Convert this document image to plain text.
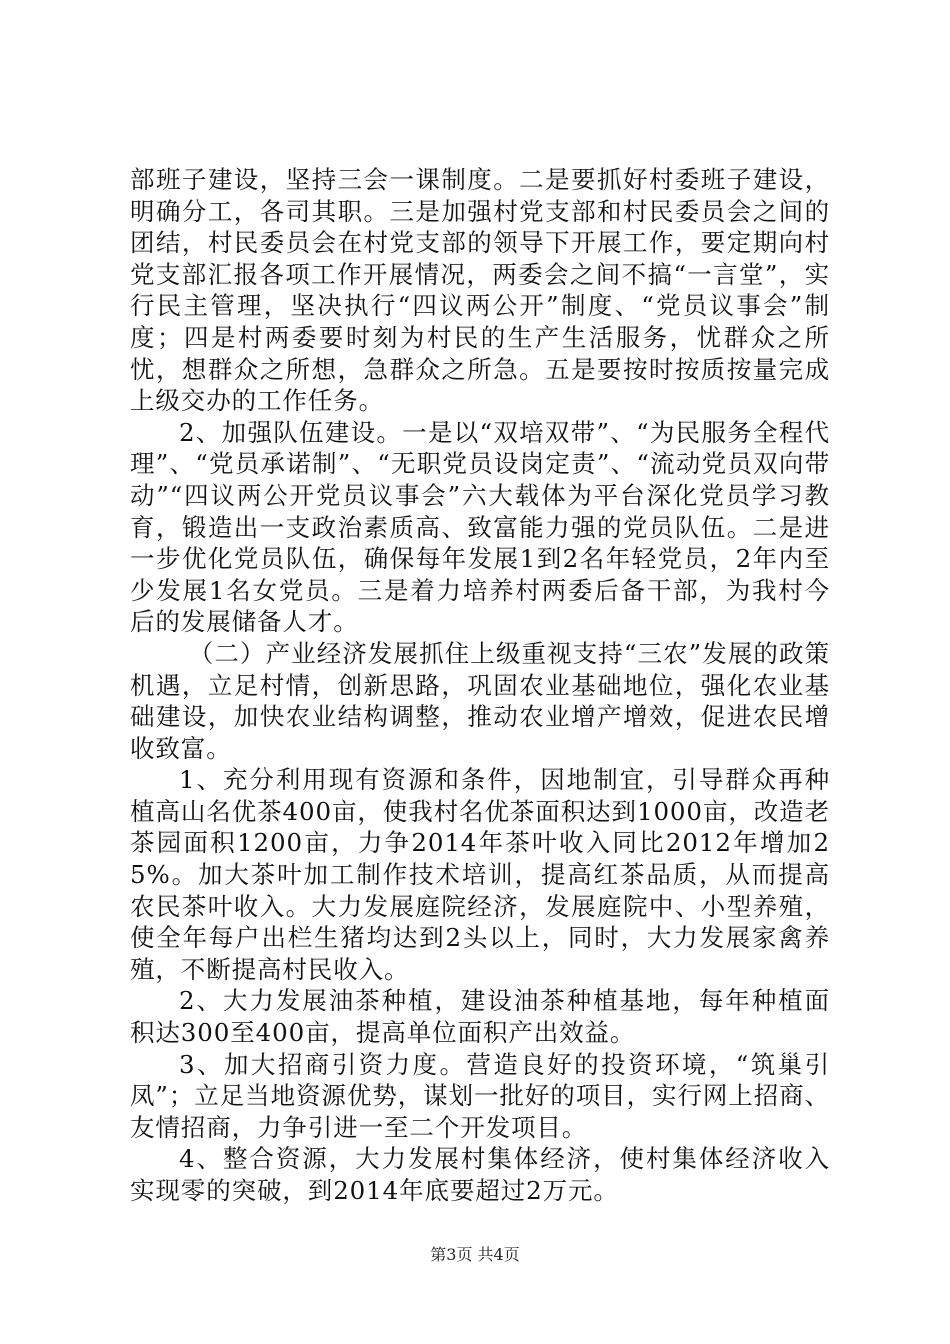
部班子建设，坚持三会一课制度。二是要抓好村委班子建设，明确分工，各司其职。三是加强村党支部和村民委员会之间的团结，村民委员会在村党支部的领导下开展工作，要定期向村党支部汇报各项工作开展情况，两委会之间不搞“一言堂”，实行民主管理，坚决执行“四议两公开”制度、“党员议事会”制度；四是村两委要时刻为村民的生产生活服务，忧群众之所忧，想群众之所想，急群众之所急。五是要按时按质按量完成上级交办的工作任务。

2、加强队伍建设。一是以“双培双带”、“为民服务全程代理”、“党员承诺制”、“无职党员设岗定责”、“流动党员双向带动”“四议两公开党员议事会”六大载体为平台深化党员学习教育，锻造出一支政治素质高、致富能力强的党员队伍。二是进一步优化党员队伍，确保每年发展1到2名年轻党员，2年内至少发展1名女党员。三是着力培养村两委后备干部，为我村今后的发展储备人才。

（二）产业经济发展抓住上级重视支持“三农”发展的政策机遇，立足村情，创新思路，巩固农业基础地位，强化农业基础建设，加快农业结构调整，推动农业增产增效，促进农民增收致富。

1、充分利用现有资源和条件，因地制宜，引导群众再种植高山名优茶400亩，使我村名优茶面积达到1000亩，改造老茶园面积1200亩，力争2014年茶叶收入同比2012年增加25%。加大茶叶加工制作技术培训，提高红茶品质，从而提高农民茶叶收入。大力发展庭院经济，发展庭院中、小型养殖，使全年每户出栏生猪均达到2头以上，同时，大力发展家禽养殖，不断提高村民收入。

2、大力发展油茶种植，建设油茶种植基地，每年种植面积达300至400亩，提高单位面积产出效益。

3、加大招商引资力度。营造良好的投资环境，“筑巢引凤”；立足当地资源优势，谋划一批好的项目，实行网上招商、友情招商，力争引进一至二个开发项目。

4、整合资源，大力发展村集体经济，使村集体经济收入实现零的突破，到2014年底要超过2万元。

第3页 共4页
